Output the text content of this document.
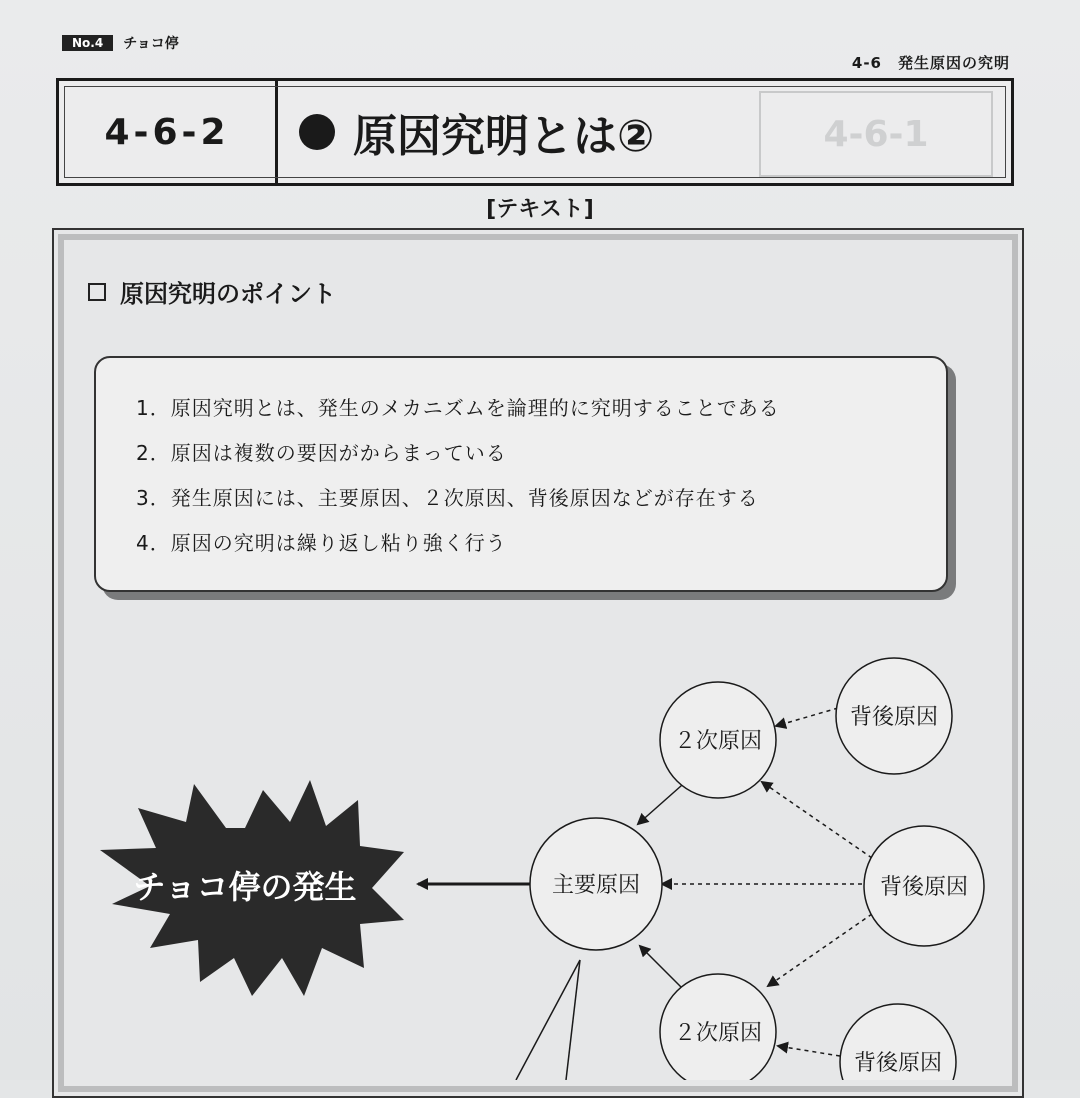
No.4	チョコ停
4-6　発生原因の究明
4-6-2	原因究明とは②	4-6-1
[テキスト]
原因究明のポイント
1．原因究明とは、発生のメカニズムを論理的に究明することである
2．原因は複数の要因がからまっている
3．発生原因には、主要原因、２次原因、背後原因などが存在する
4．原因の究明は繰り返し粘り強く行う
チョコ停の発生	主要原因
２次原因
２次原因
背後原因
背後原因
背後原因
